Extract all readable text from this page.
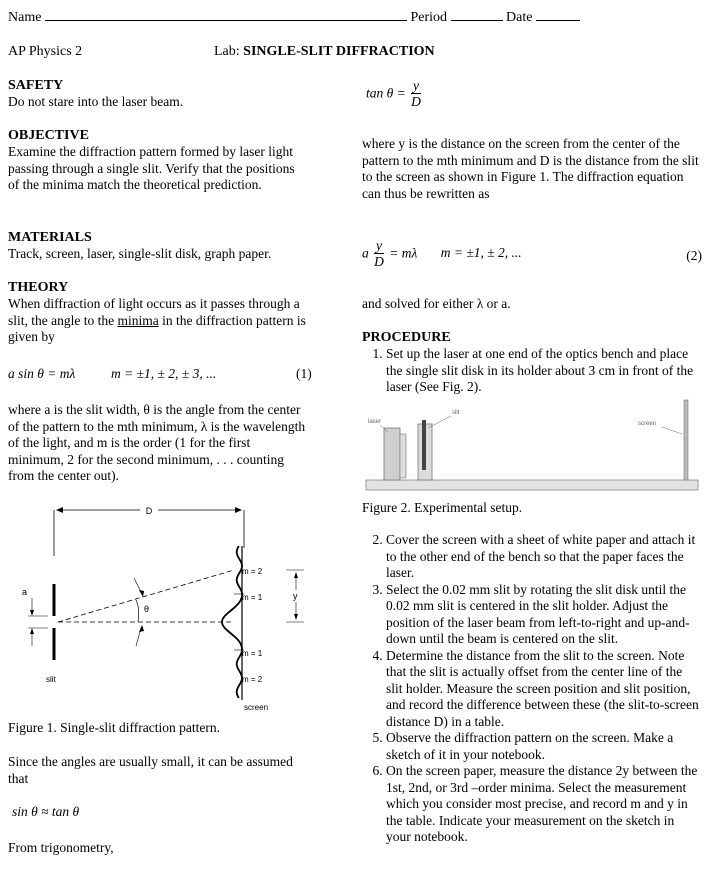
Name	Period	Date
AP Physics 2	Lab: SINGLE-SLIT DIFFRACTION
SAFETY

Do not stare into the laser beam.

OBJECTIVE

Examine the diffraction pattern formed by laser light passing through a single slit. Verify that the positions of the minima match the theoretical prediction.

MATERIALS

Track, screen, laser, single-slit disk, graph paper.

THEORY

When diffraction of light occurs as it passes through a slit, the angle to the minima in the diffraction pattern is given by

a sin θ = mλ	m = ±1, ± 2, ± 3, ...	(1)
where a is the slit width, θ is the angle from the center of the pattern to the mth minimum, λ is the wavelength of the light, and m is the order (1 for the first minimum, 2 for the second minimum, . . . counting from the center out).
D
a
slit
θ
m = 2
m = 1
m = 1
m = 2
y
screen
Figure 1. Single-slit diffraction pattern.
Since the angles are usually small, it can be assumed that
sin θ ≈ tan θ
From trigonometry,
$\tan \theta = \frac{y}{D}$
where y is the distance on the screen from the center of the pattern to the mth minimum and D is the distance from the slit to the screen as shown in Figure 1. The diffraction equation can thus be rewritten as
a $\frac{y}{D} = m\lambda$ m = ±1, ± 2, ...	(2)
and solved for either λ or a.
PROCEDURE
1. Set up the laser at one end of the optics bench and place the single slit disk in its holder about 3 cm in front of the laser (See Fig. 2).
laser
slit
screen
Figure 2. Experimental setup.
2. Cover the screen with a sheet of white paper and attach it to the other end of the bench so that the paper faces the laser.
3. Select the 0.02 mm slit by rotating the slit disk until the 0.02 mm slit is centered in the slit holder. Adjust the position of the laser beam from left-to-right and up-and-down until the beam is centered on the slit.
4. Determine the distance from the slit to the screen. Note that the slit is actually offset from the center line of the slit holder. Measure the screen position and slit position, and record the difference between these (the slit-to-screen distance D) in a table.
5. Observe the diffraction pattern on the screen. Make a sketch of it in your notebook.
6. On the screen paper, measure the distance 2y between the 1st, 2nd, or 3rd –order minima. Select the measurement which you consider most precise, and record m and y in the table. Indicate your measurement on the sketch in your notebook.
